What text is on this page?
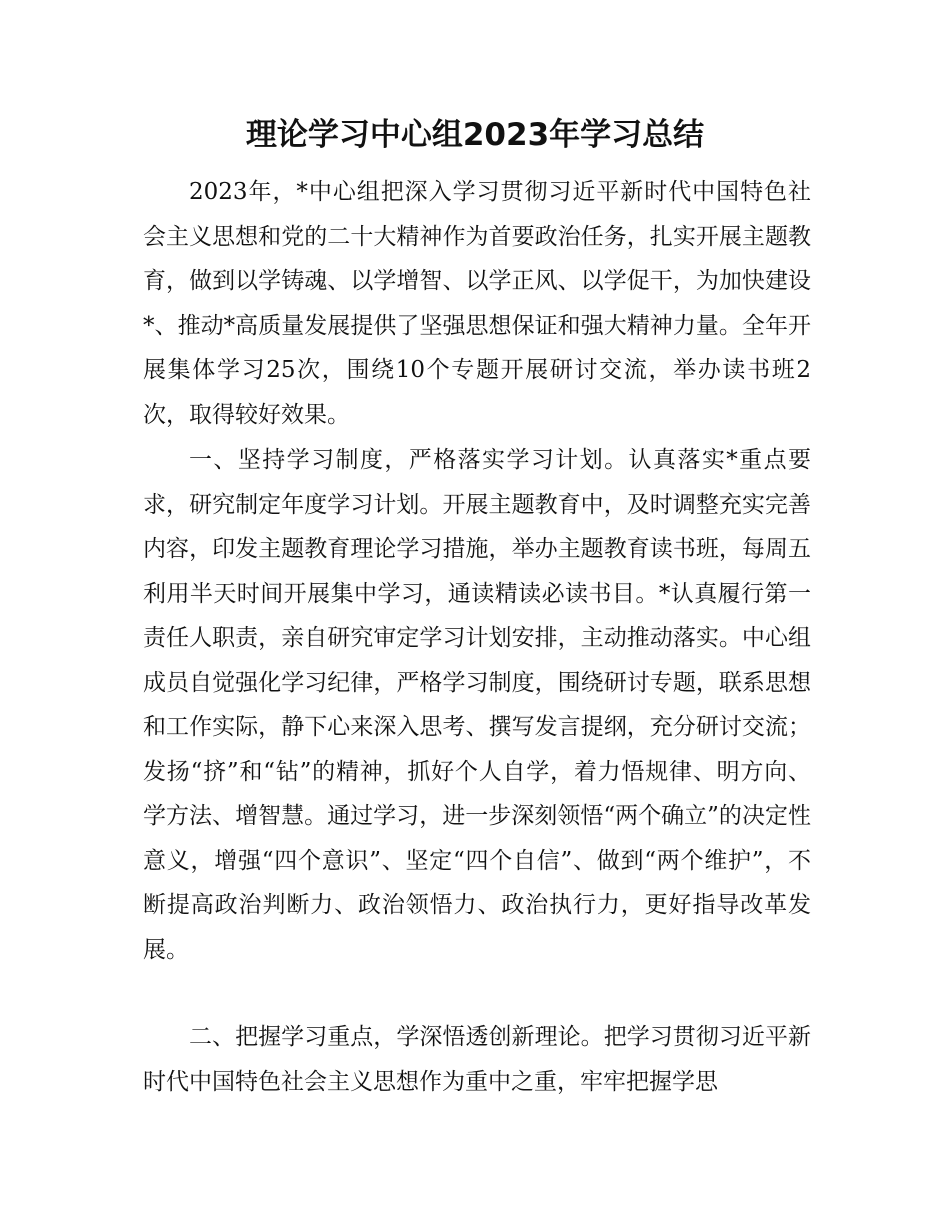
理论学习中心组2023年学习总结

2023年，*中心组把深入学习贯彻习近平新时代中国特色社会主义思想和党的二十大精神作为首要政治任务，扎实开展主题教育，做到以学铸魂、以学增智、以学正风、以学促干，为加快建设*、推动*高质量发展提供了坚强思想保证和强大精神力量。全年开展集体学习25次，围绕10个专题开展研讨交流，举办读书班2次，取得较好效果。

一、坚持学习制度，严格落实学习计划。认真落实*重点要求，研究制定年度学习计划。开展主题教育中，及时调整充实完善内容，印发主题教育理论学习措施，举办主题教育读书班，每周五利用半天时间开展集中学习，通读精读必读书目。*认真履行第一责任人职责，亲自研究审定学习计划安排，主动推动落实。中心组成员自觉强化学习纪律，严格学习制度，围绕研讨专题，联系思想和工作实际，静下心来深入思考、撰写发言提纲，充分研讨交流；发扬“挤”和“钻”的精神，抓好个人自学，着力悟规律、明方向、学方法、增智慧。通过学习，进一步深刻领悟“两个确立”的决定性意义，增强“四个意识”、坚定“四个自信”、做到“两个维护”，不断提高政治判断力、政治领悟力、政治执行力，更好指导改革发展。

二、把握学习重点，学深悟透创新理论。把学习贯彻习近平新时代中国特色社会主义思想作为重中之重，牢牢把握学思
